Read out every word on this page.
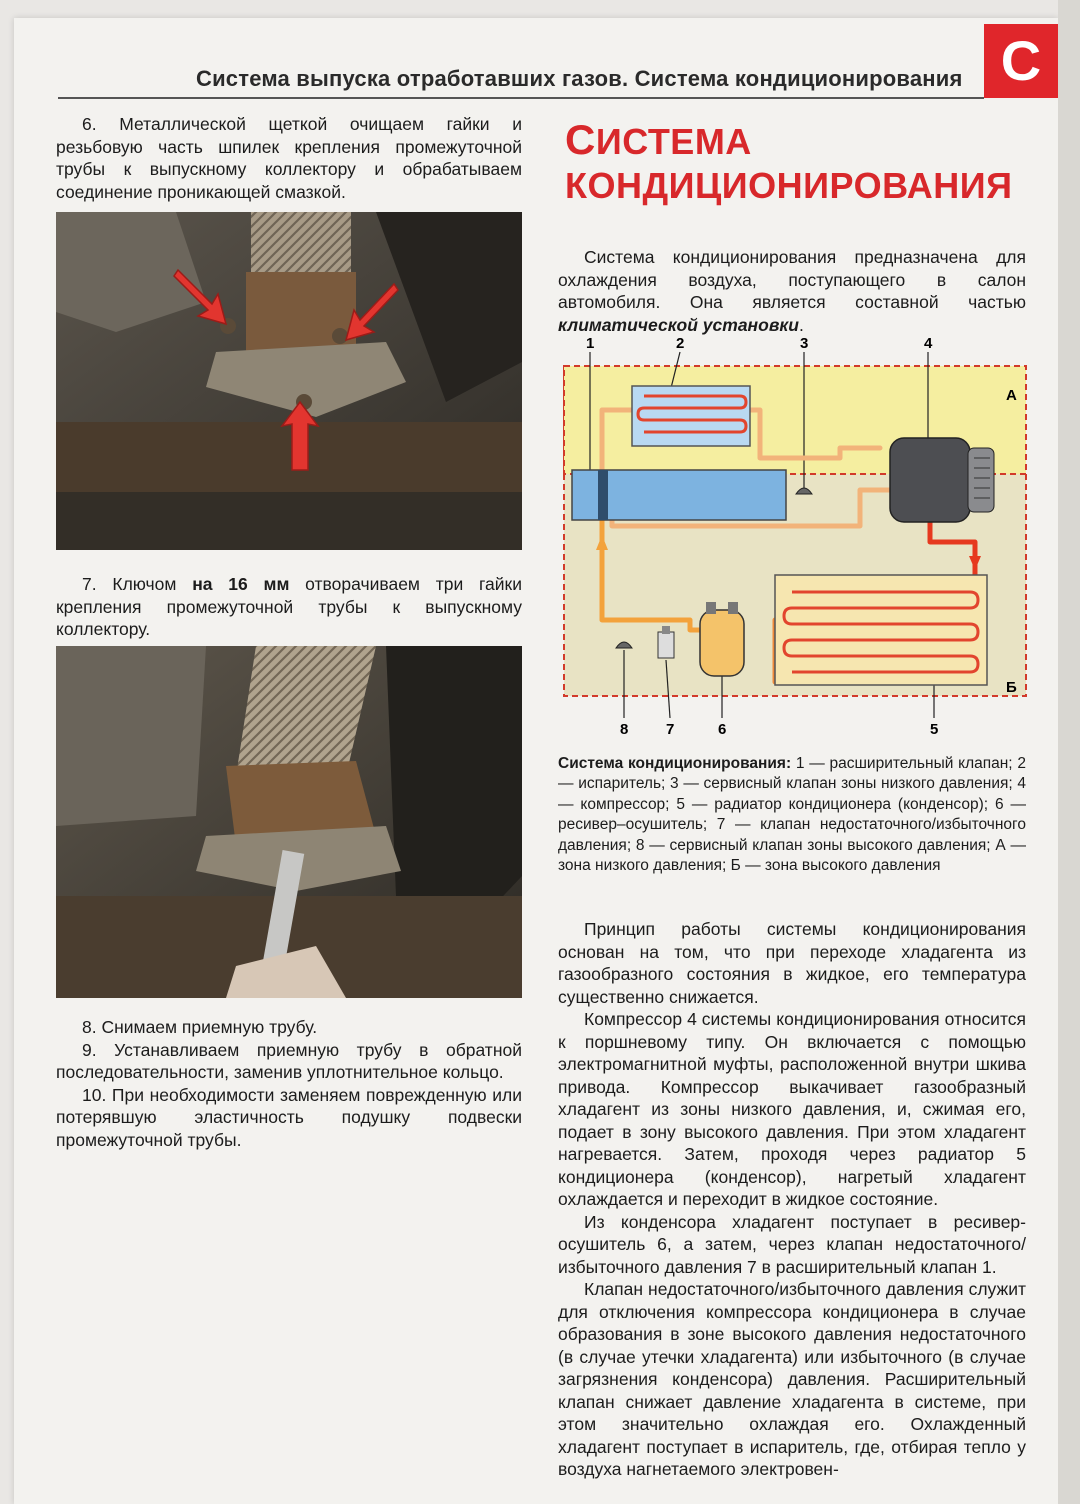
Система выпуска отработавших газов. Система кондиционирования C

6. Металлической щеткой очищаем гайки и резьбовую часть шпилек крепления промежуточной трубы к выпускному коллектору и обрабатываем соединение проникающей смазкой.

7. Ключом на 16 мм отворачиваем три гайки крепления промежуточной трубы к выпускному коллектору.

8. Снимаем приемную трубу.

9. Устанавливаем приемную трубу в обратной последовательности, заменив уплотнительное кольцо.

10. При необходимости заменяем поврежденную или потерявшую эластичность подушку подвески промежуточной трубы.

СИСТЕМА
КОНДИЦИОНИРОВАНИЯ

Система кондиционирования предназначена для охлаждения воздуха, поступающего в салон автомобиля. Она является составной частью климатической установки.

А
Б
1	2	3	4
5
6
7
8
Система кондиционирования: 1 — расширительный клапан; 2 — испаритель; 3 — сервисный клапан зоны низкого давления; 4 — компрессор; 5 — радиатор кондиционера (конденсор); 6 — ресивер–осушитель; 7 — клапан недостаточного/избыточного давления; 8 — сервисный клапан зоны высокого давления; А — зона низкого давления; Б — зона высокого давления

Принцип работы системы кондиционирования основан на том, что при переходе хладагента из газообразного состояния в жидкое, его температура существенно снижается.

Компрессор 4 системы кондиционирования относится к поршневому типу. Он включается с помощью электромагнитной муфты, расположенной внутри шкива привода. Компрессор выкачивает газообразный хладагент из зоны низкого давления, и, сжимая его, подает в зону высокого давления. При этом хладагент нагревается. Затем, проходя через радиатор 5 кондиционера (конденсор), нагретый хладагент охлаждается и переходит в жидкое состояние.

Из конденсора хладагент поступает в ресивер-осушитель 6, а затем, через клапан недостаточного/избыточного давления 7 в расширительный клапан 1.

Клапан недостаточного/избыточного давления служит для отключения компрессора кондиционера в случае образования в зоне высокого давления недостаточного (в случае утечки хладагента) или избыточного (в случае загрязнения конденсора) давления. Расширительный клапан снижает давление хладагента в системе, при этом значительно охлаждая его. Охлажденный хладагент поступает в испаритель, где, отбирая тепло у воздуха нагнетаемого электровен-
